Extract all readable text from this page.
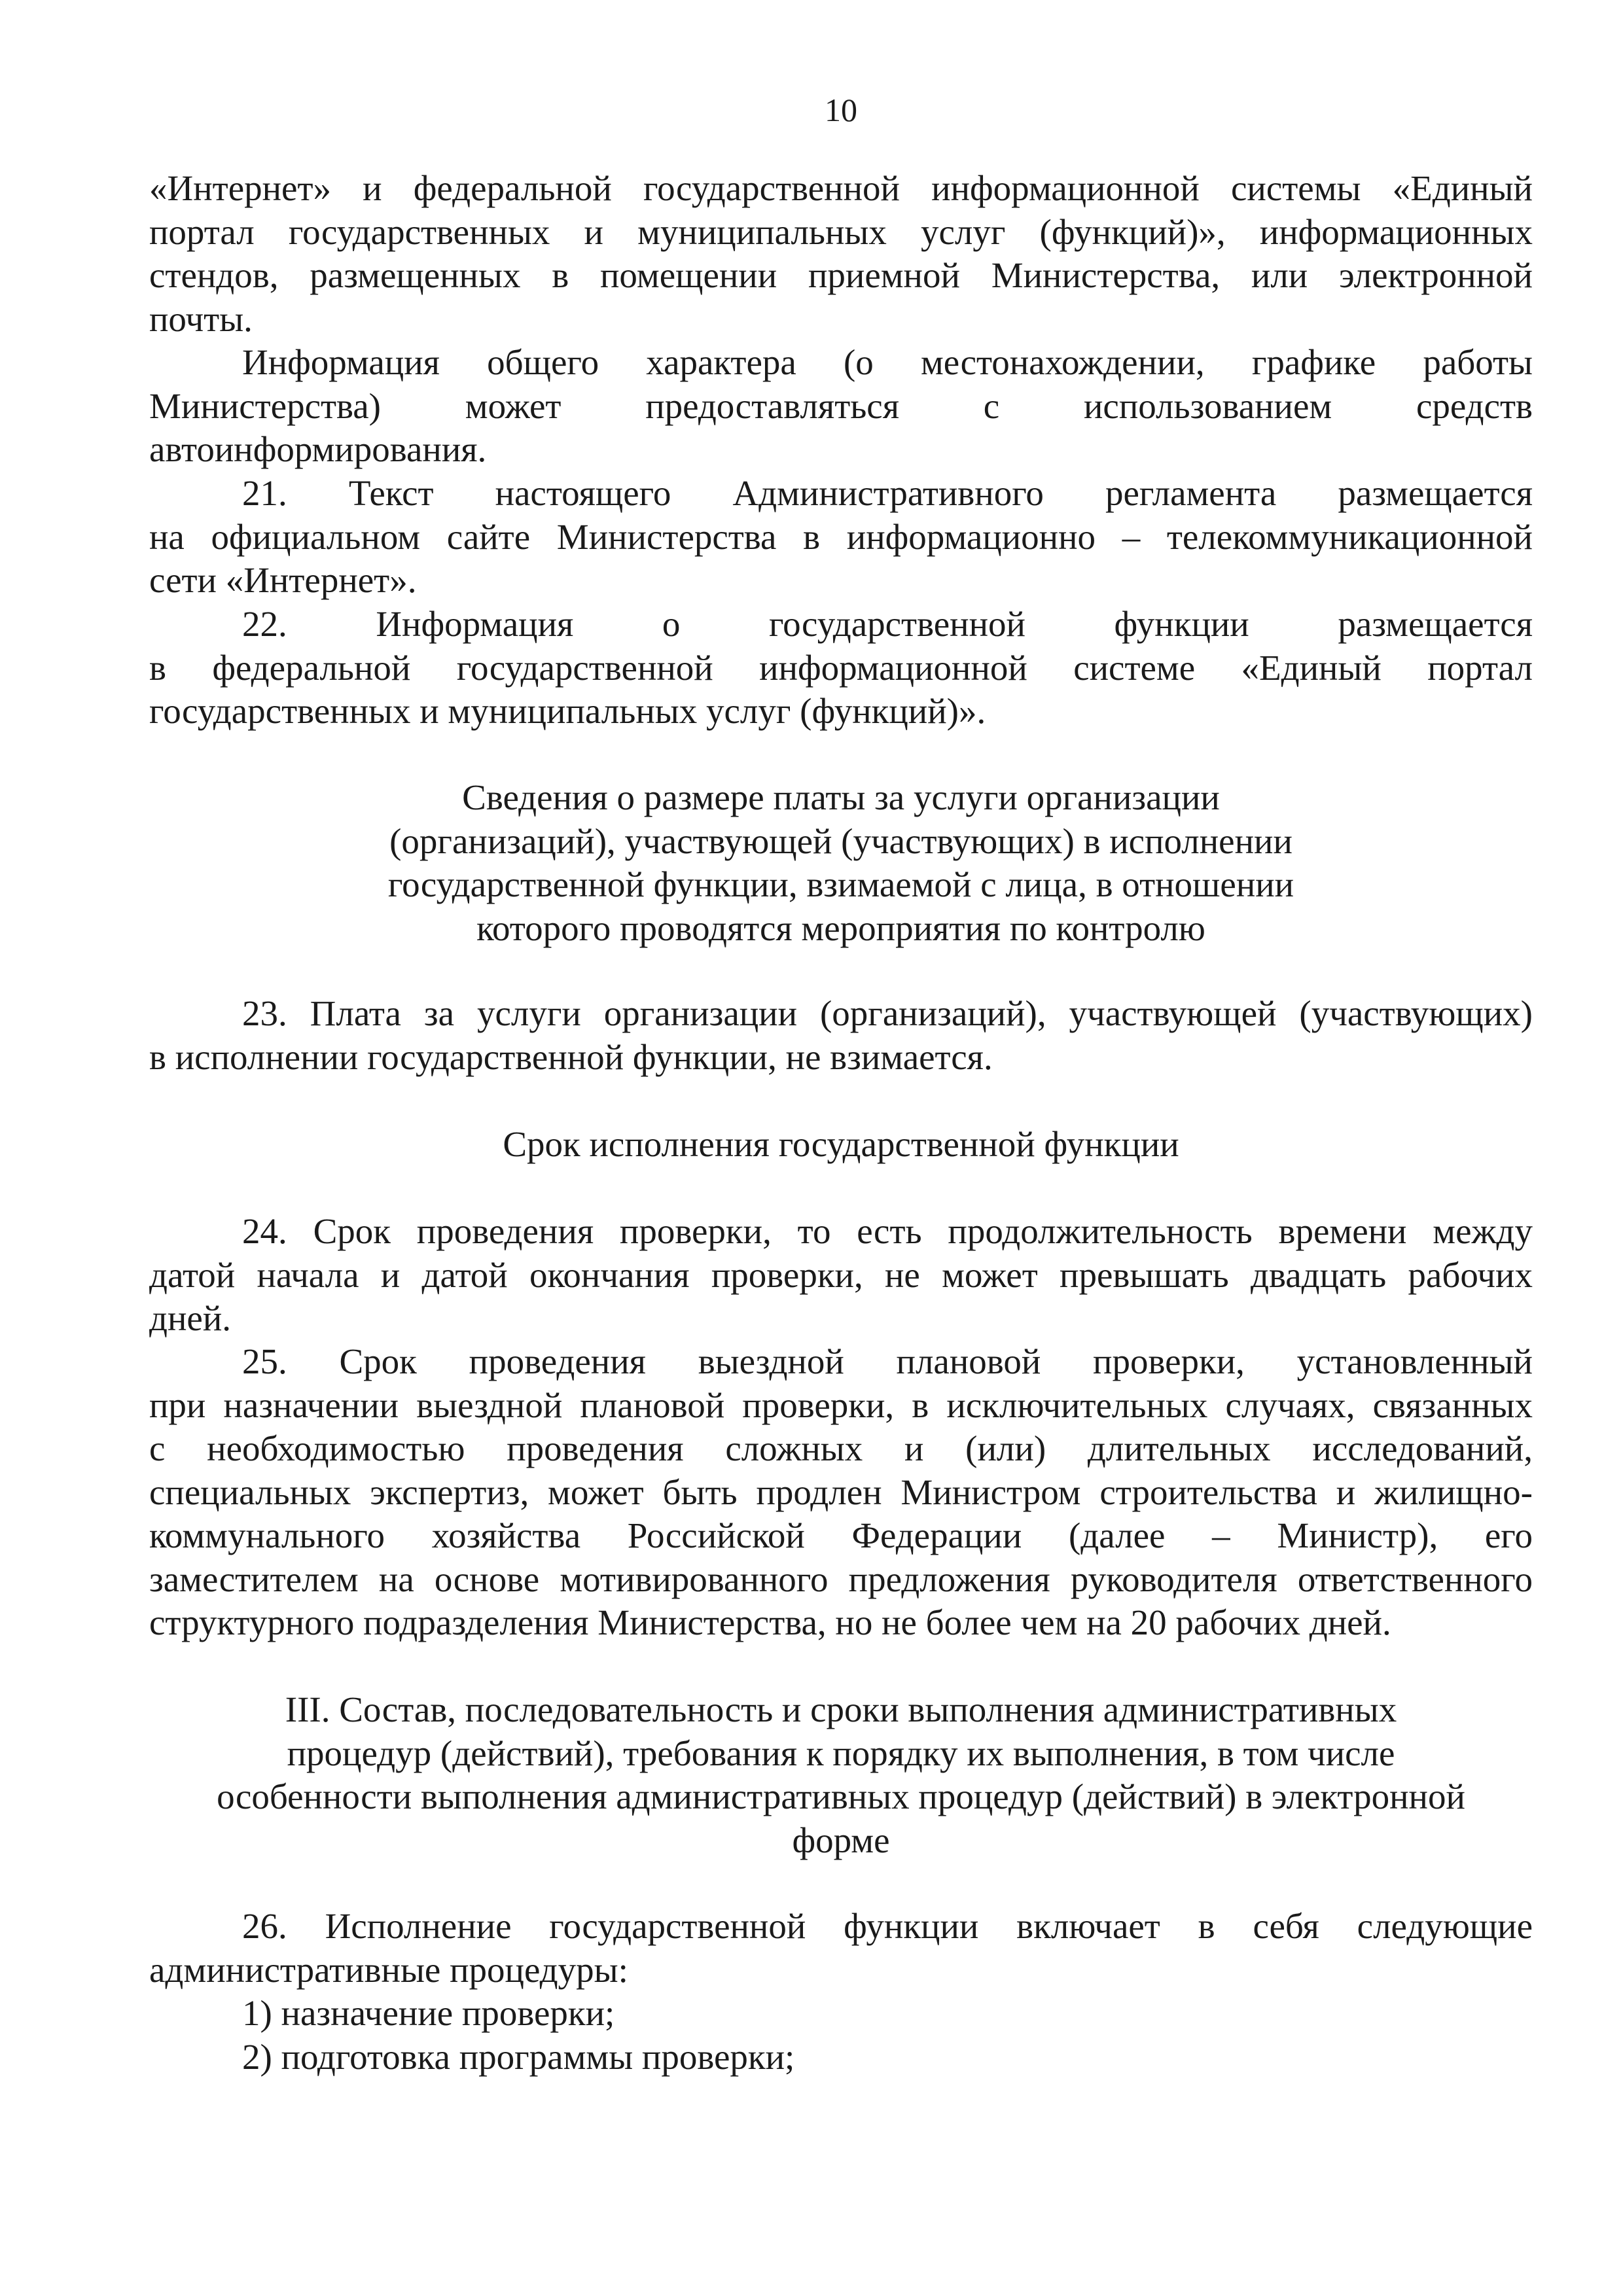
10
«Интернет» и федеральной государственной информационной системы «Единый
портал государственных и муниципальных услуг (функций)», информационных
стендов, размещенных в помещении приемной Министерства, или электронной
почты.
Информация общего характера (о местонахождении, графике работы
Министерства) может предоставляться с использованием средств
автоинформирования.
21. Текст настоящего Административного регламента размещается
на официальном сайте Министерства в информационно – телекоммуникационной
сети «Интернет».
22. Информация о государственной функции размещается
в федеральной государственной информационной системе «Единый портал
государственных и муниципальных услуг (функций)».
Сведения о размере платы за услуги организации
(организаций), участвующей (участвующих) в исполнении
государственной функции, взимаемой с лица, в отношении
которого проводятся мероприятия по контролю
23. Плата за услуги организации (организаций), участвующей (участвующих)
в исполнении государственной функции, не взимается.
Срок исполнения государственной функции
24. Срок проведения проверки, то есть продолжительность времени между
датой начала и датой окончания проверки, не может превышать двадцать рабочих
дней.
25. Срок проведения выездной плановой проверки, установленный
при назначении выездной плановой проверки, в исключительных случаях, связанных
с необходимостью проведения сложных и (или) длительных исследований,
специальных экспертиз, может быть продлен Министром строительства и жилищно-
коммунального хозяйства Российской Федерации (далее – Министр), его
заместителем на основе мотивированного предложения руководителя ответственного
структурного подразделения Министерства, но не более чем на 20 рабочих дней.
III. Состав, последовательность и сроки выполнения административных
процедур (действий), требования к порядку их выполнения, в том числе
особенности выполнения административных процедур (действий) в электронной
форме
26. Исполнение государственной функции включает в себя следующие
административные процедуры:
1) назначение проверки;
2) подготовка программы проверки;
